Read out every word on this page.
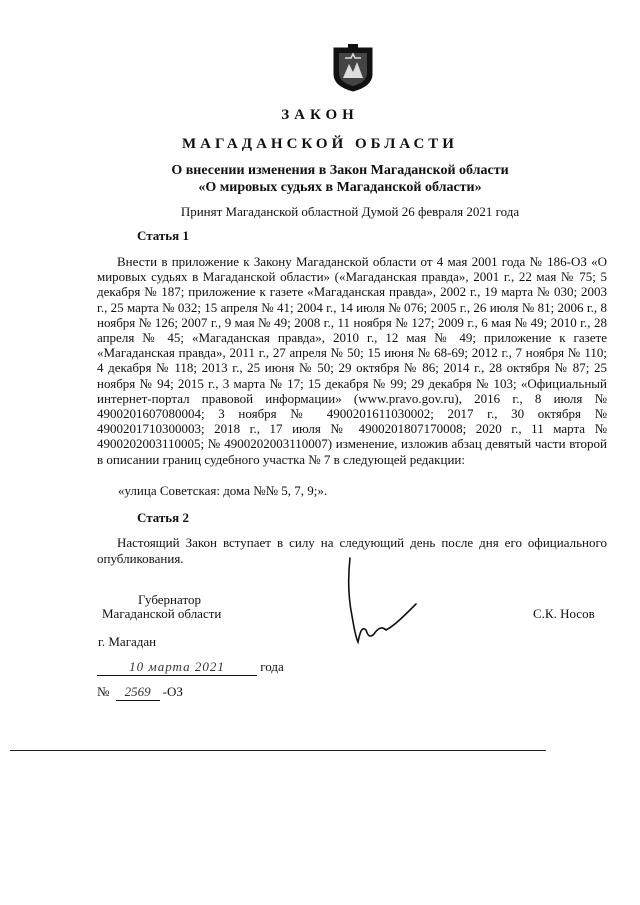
ЗАКОН
МАГАДАНСКОЙ ОБЛАСТИ
О внесении изменения в Закон Магаданской области
«О мировых судьях в Магаданской области»
Принят Магаданской областной Думой 26 февраля 2021 года
Статья 1

Внести в приложение к Закону Магаданской области от 4 мая 2001 года № 186-ОЗ «О мировых судьях в Магаданской области» («Магаданская правда», 2001 г., 22 мая № 75; 5 декабря № 187; приложение к газете «Магаданская правда», 2002 г., 19 марта № 030; 2003 г., 25 марта № 032; 15 апреля № 41; 2004 г., 14 июля № 076; 2005 г., 26 июля № 81; 2006 г., 8 ноября № 126; 2007 г., 9 мая № 49; 2008 г., 11 ноября № 127; 2009 г., 6 мая № 49; 2010 г., 28 апреля № 45; «Магаданская правда», 2010 г., 12 мая № 49; приложение к газете «Магаданская правда», 2011 г., 27 апреля № 50; 15 июня № 68-69; 2012 г., 7 ноября № 110; 4 декабря № 118; 2013 г., 25 июня № 50; 29 октября № 86; 2014 г., 28 октября № 87; 25 ноября № 94; 2015 г., 3 марта № 17; 15 декабря № 99; 29 декабря № 103; «Официальный интернет-портал правовой информации» (www.pravo.gov.ru), 2016 г., 8 июля № 4900201607080004; 3 ноября № 4900201611030002; 2017 г., 30 октября № 4900201710300003; 2018 г., 17 июля № 4900201807170008; 2020 г., 11 марта № 4900202003110005; № 4900202003110007) изменение, изложив абзац девятый части второй в описании границ судебного участка № 7 в следующей редакции:

«улица Советская: дома №№ 5, 7, 9;».
Статья 2

Настоящий Закон вступает в силу на следующий день после дня его официального опубликования.

Губернатор
Магаданской области	С.К. Носов
г. Магадан
10 марта 2021	года
№ 2569 -ОЗ
